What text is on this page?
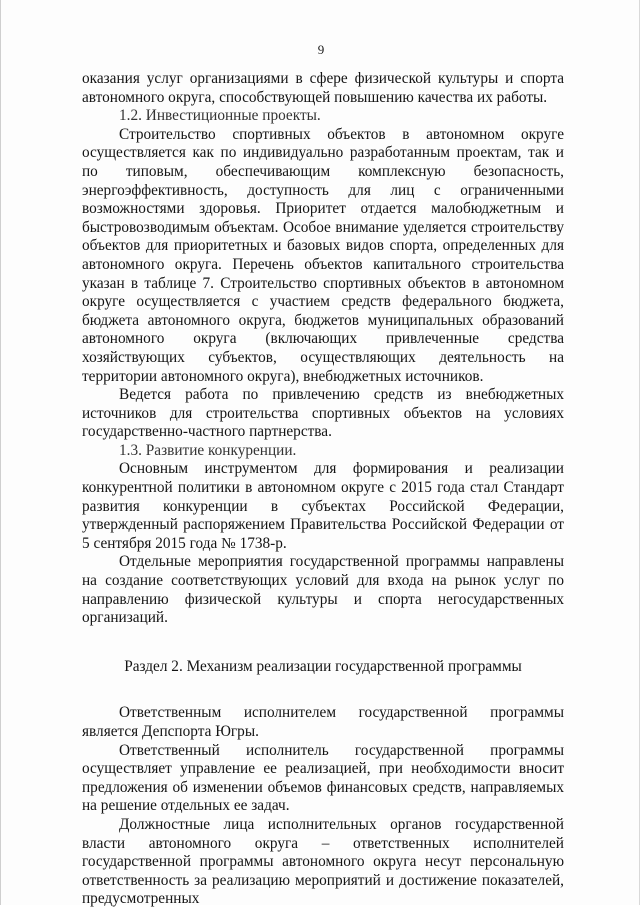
9

оказания услуг организациями в сфере физической культуры и спорта автономного округа, способствующей повышению качества их работы.

1.2. Инвестиционные проекты.

Строительство спортивных объектов в автономном округе осуществляется как по индивидуально разработанным проектам, так и по типовым, обеспечивающим комплексную безопасность, энергоэффективность, доступность для лиц с ограниченными возможностями здоровья. Приоритет отдается малобюджетным и быстровозводимым объектам. Особое внимание уделяется строительству объектов для приоритетных и базовых видов спорта, определенных для автономного округа. Перечень объектов капитального строительства указан в таблице 7. Строительство спортивных объектов в автономном округе осуществляется с участием средств федерального бюджета, бюджета автономного округа, бюджетов муниципальных образований автономного округа (включающих привлеченные средства хозяйствующих субъектов, осуществляющих деятельность на территории автономного округа), внебюджетных источников.

Ведется работа по привлечению средств из внебюджетных источников для строительства спортивных объектов на условиях государственно-частного партнерства.

1.3. Развитие конкуренции.

Основным инструментом для формирования и реализации конкурентной политики в автономном округе с 2015 года стал Стандарт развития конкуренции в субъектах Российской Федерации, утвержденный распоряжением Правительства Российской Федерации от 5 сентября 2015 года № 1738-р.

Отдельные мероприятия государственной программы направлены на создание соответствующих условий для входа на рынок услуг по направлению физической культуры и спорта негосударственных организаций.

Раздел 2. Механизм реализации государственной программы

Ответственным исполнителем государственной программы является Депспорта Югры.

Ответственный исполнитель государственной программы осуществляет управление ее реализацией, при необходимости вносит предложения об изменении объемов финансовых средств, направляемых на решение отдельных ее задач.

Должностные лица исполнительных органов государственной власти автономного округа – ответственных исполнителей государственной программы автономного округа несут персональную ответственность за реализацию мероприятий и достижение показателей, предусмотренных
